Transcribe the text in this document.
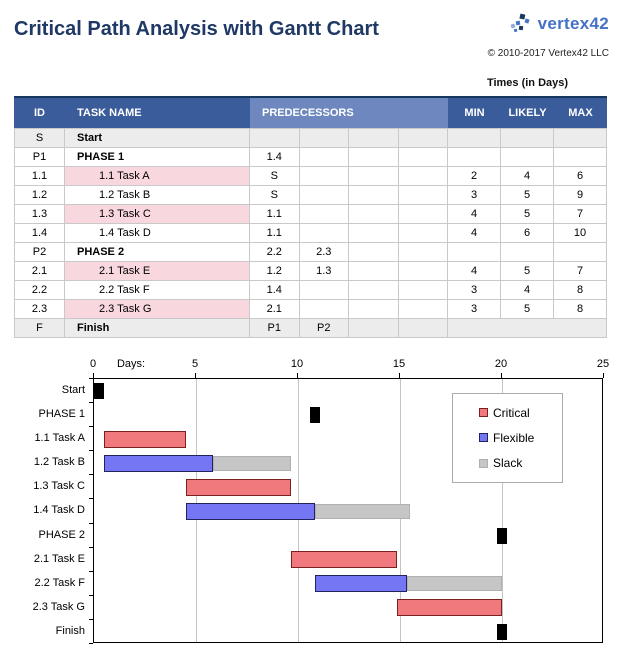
Critical Path Analysis with Gantt Chart	vertex42
© 2010-2017 Vertex42 LLC
Times (in Days)
ID	TASK NAME	PREDECESSORS	MIN	LIKELY	MAX
S	Start
P1	PHASE 1	1.4
1.1	1.1 Task A	S	2	4	6
1.2	1.2 Task B	S	3	5	9
1.3	1.3 Task C	1.1	4	5	7
1.4	1.4 Task D	1.1	4	6	10
P2	PHASE 2	2.2	2.3
2.1	2.1 Task E	1.2	1.3	4	5	7
2.2	2.2 Task F	1.4	3	4	8
2.3	2.3 Task G	2.1	3	5	8
F	Finish	P1	P2
Critical
Flexible
Slack
0	5	10	15	20	25
Days:
Start
PHASE 1
1.1 Task A
1.2 Task B
1.3 Task C
1.4 Task D
PHASE 2
2.1 Task E
2.2 Task F
2.3 Task G
Finish
